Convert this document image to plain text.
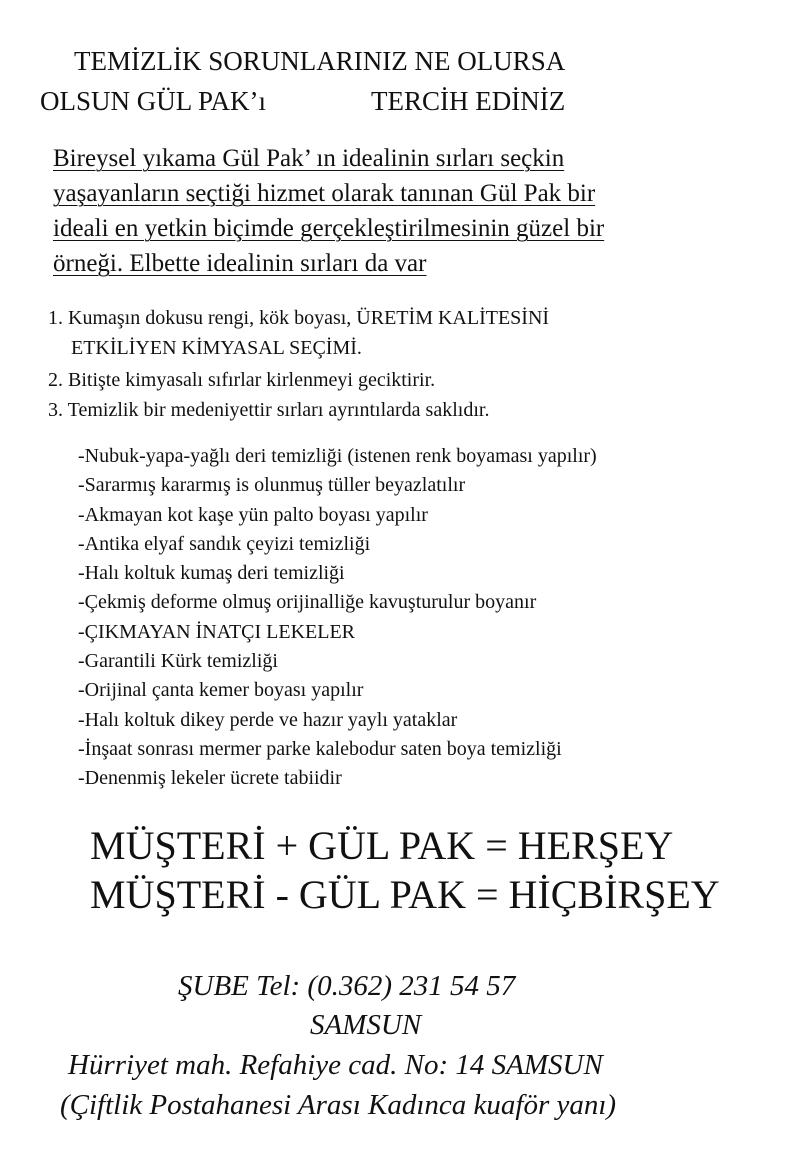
TEMİZLİK SORUNLARINIZ NE OLURSA
OLSUN GÜL PAK’ı	TERCİH EDİNİZ
Bireysel yıkama Gül Pak’ ın idealinin sırları seçkin
yaşayanların seçtiği hizmet olarak tanınan Gül Pak bir
ideali en yetkin biçimde gerçekleştirilmesinin güzel bir
örneği. Elbette idealinin sırları da var
1. Kumaşın dokusu rengi, kök boyası, ÜRETİM KALİTESİNİ
ETKİLİYEN KİMYASAL SEÇİMİ.
2. Bitişte kimyasalı sıfırlar kirlenmeyi geciktirir.
3. Temizlik bir medeniyettir sırları ayrıntılarda saklıdır.
-Nubuk-yapa-yağlı deri temizliği (istenen renk boyaması yapılır)
-Sararmış kararmış is olunmuş tüller beyazlatılır
-Akmayan kot kaşe yün palto boyası yapılır
-Antika elyaf sandık çeyizi temizliği
-Halı koltuk kumaş deri temizliği
-Çekmiş deforme olmuş orijinalliğe kavuşturulur boyanır
-ÇIKMAYAN İNATÇI LEKELER
-Garantili Kürk temizliği
-Orijinal çanta kemer boyası yapılır
-Halı koltuk dikey perde ve hazır yaylı yataklar
-İnşaat sonrası mermer parke kalebodur saten boya temizliği
-Denenmiş lekeler ücrete tabiidir
MÜŞTERİ + GÜL PAK = HERŞEY
MÜŞTERİ - GÜL PAK = HİÇBİRŞEY
ŞUBE Tel: (0.362) 231 54 57
SAMSUN
Hürriyet mah. Refahiye cad. No: 14 SAMSUN
(Çiftlik Postahanesi Arası Kadınca kuaför yanı)
